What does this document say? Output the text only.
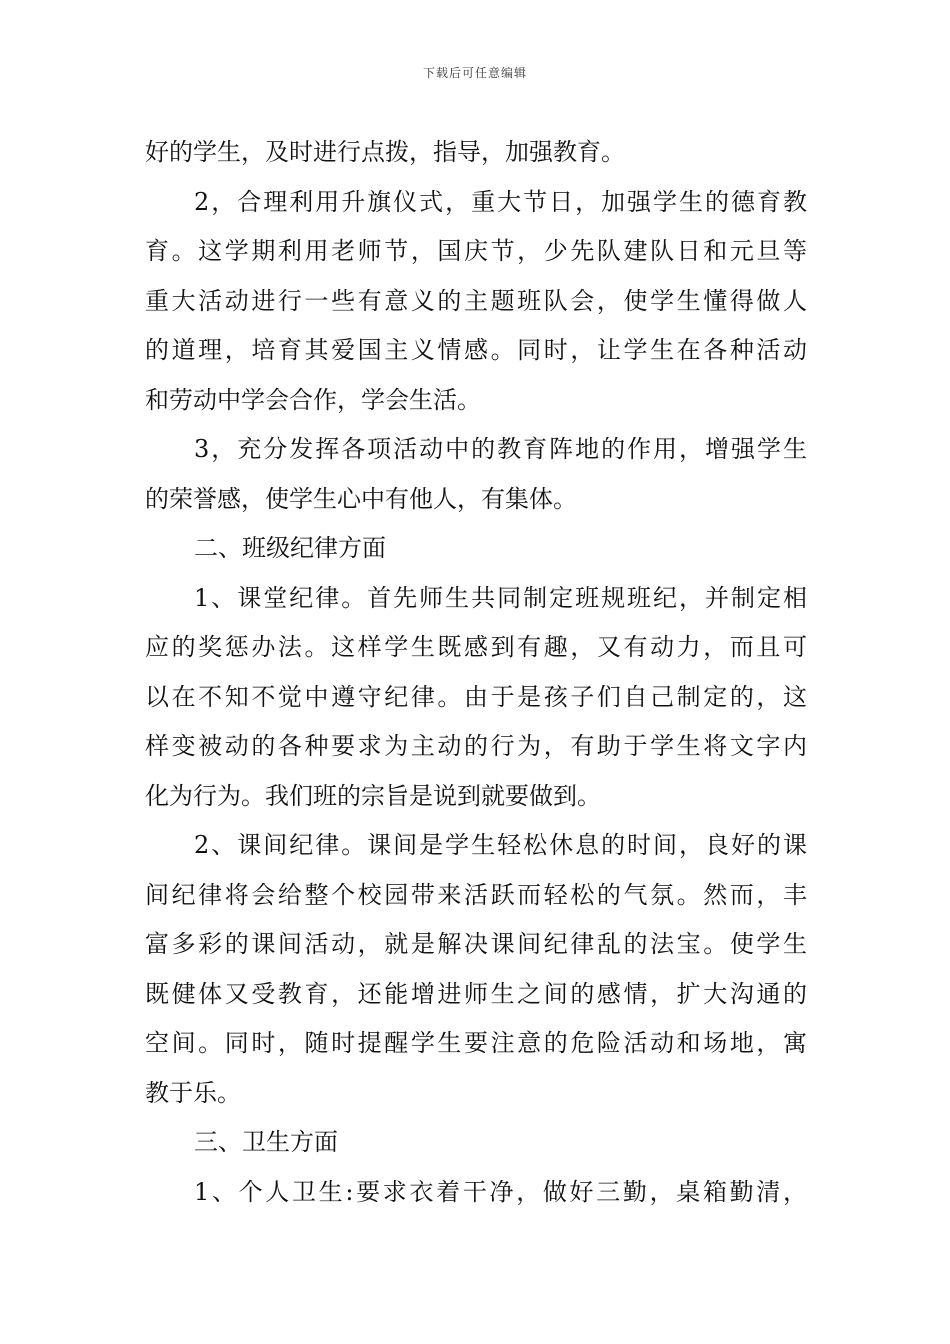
下载后可任意编辑
好的学生，及时进行点拨，指导，加强教育。
2，合理利用升旗仪式，重大节日，加强学生的德育教
育。这学期利用老师节，国庆节，少先队建队日和元旦等
重大活动进行一些有意义的主题班队会，使学生懂得做人
的道理，培育其爱国主义情感。同时，让学生在各种活动
和劳动中学会合作，学会生活。
3，充分发挥各项活动中的教育阵地的作用，增强学生
的荣誉感，使学生心中有他人，有集体。
二、班级纪律方面
1、课堂纪律。首先师生共同制定班规班纪，并制定相
应的奖惩办法。这样学生既感到有趣，又有动力，而且可
以在不知不觉中遵守纪律。由于是孩子们自己制定的，这
样变被动的各种要求为主动的行为，有助于学生将文字内
化为行为。我们班的宗旨是说到就要做到。
2、课间纪律。课间是学生轻松休息的时间，良好的课
间纪律将会给整个校园带来活跃而轻松的气氛。然而，丰
富多彩的课间活动，就是解决课间纪律乱的法宝。使学生
既健体又受教育，还能增进师生之间的感情，扩大沟通的
空间。同时，随时提醒学生要注意的危险活动和场地，寓
教于乐。
三、卫生方面
1、个人卫生:要求衣着干净，做好三勤，桌箱勤清，
